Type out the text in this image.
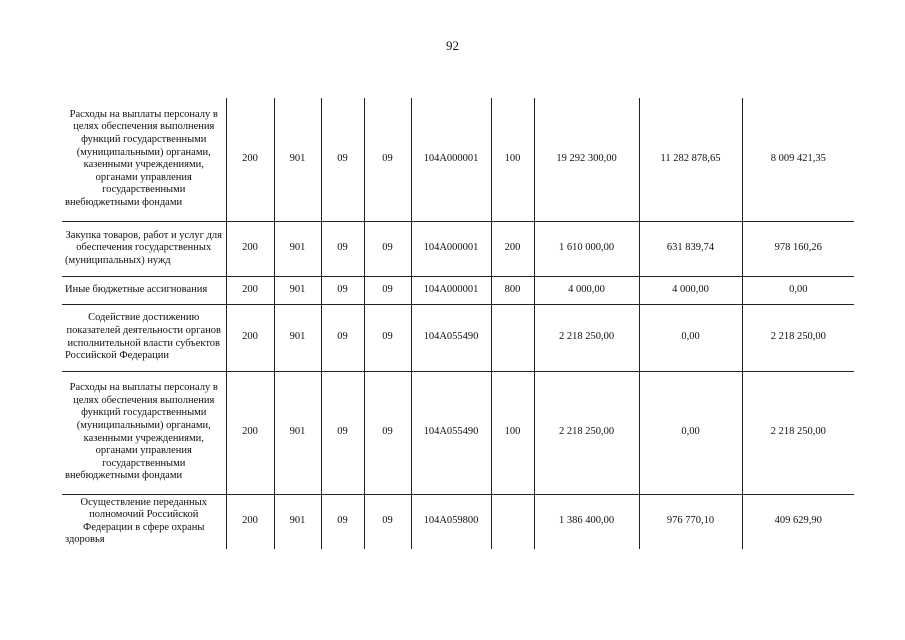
92
Расходы на выплаты персоналу в целях обеспечения выполнения функций государственными (муниципальными) органами, казенными учреждениями, органами управления государственными внебюджетными фондами	200	901	09	09	104А000001	100	19 292 300,00	11 282 878,65	8 009 421,35
Закупка товаров, работ и услуг для обеспечения государственных (муниципальных) нужд	200	901	09	09	104А000001	200	1 610 000,00	631 839,74	978 160,26
Иные бюджетные ассигнования	200	901	09	09	104А000001	800	4 000,00	4 000,00	0,00
Содействие достижению показателей деятельности органов исполнительной власти субъектов Российской Федерации	200	901	09	09	104А055490		2 218 250,00	0,00	2 218 250,00
Расходы на выплаты персоналу в целях обеспечения выполнения функций государственными (муниципальными) органами, казенными учреждениями, органами управления государственными внебюджетными фондами	200	901	09	09	104А055490	100	2 218 250,00	0,00	2 218 250,00
Осуществление переданных полномочий Российской Федерации в сфере охраны здоровья	200	901	09	09	104А059800		1 386 400,00	976 770,10	409 629,90
